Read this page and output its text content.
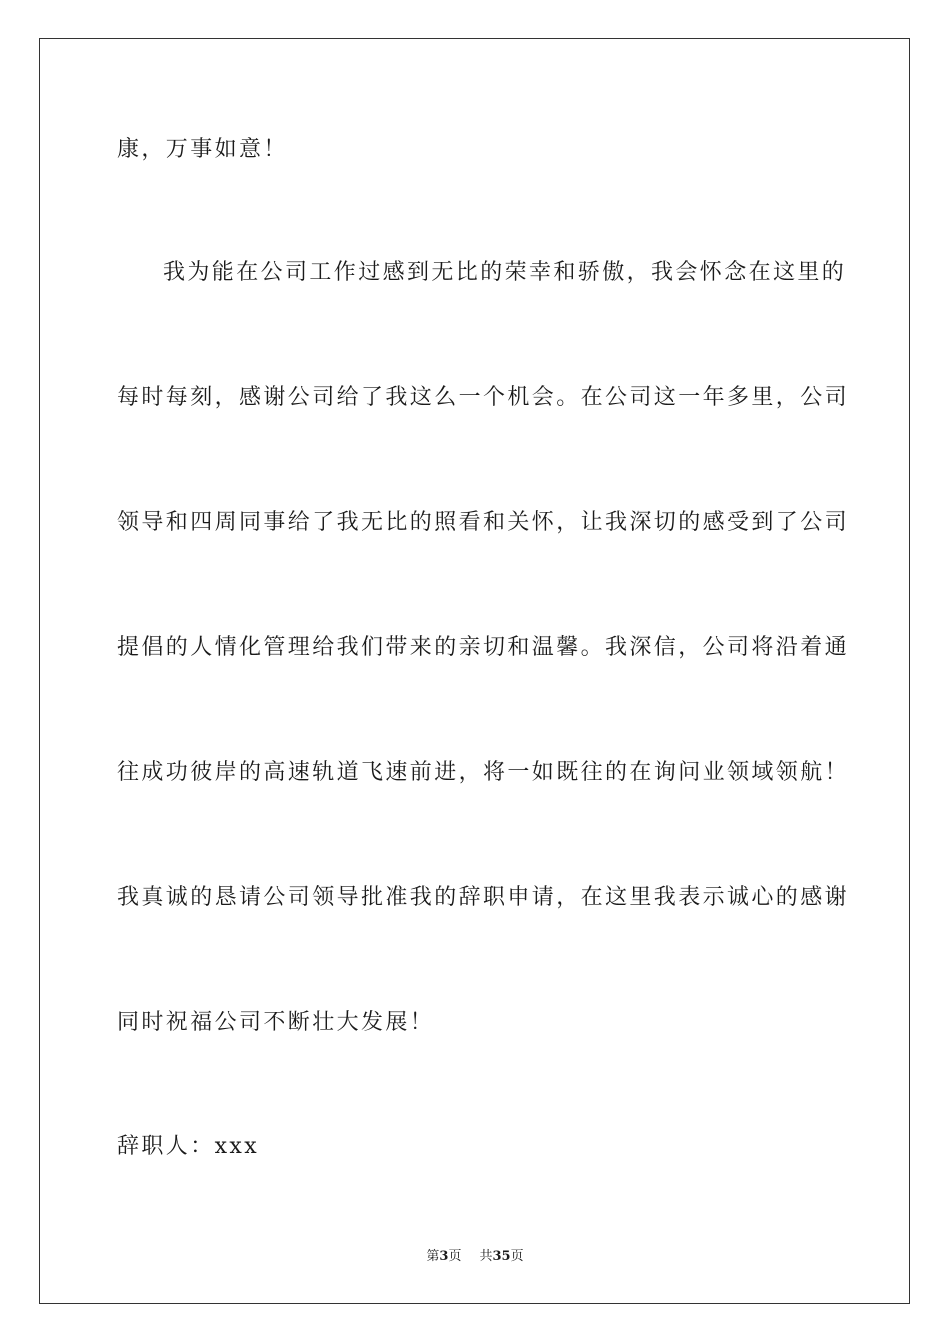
康，万事如意！
我为能在公司工作过感到无比的荣幸和骄傲，我会怀念在这里的
每时每刻，感谢公司给了我这么一个机会。在公司这一年多里，公司
领导和四周同事给了我无比的照看和关怀，让我深切的感受到了公司
提倡的人情化管理给我们带来的亲切和温馨。我深信，公司将沿着通
往成功彼岸的高速轨道飞速前进，将一如既往的在询问业领域领航！
我真诚的恳请公司领导批准我的辞职申请，在这里我表示诚心的感谢
同时祝福公司不断壮大发展！
辞职人：xxx
第3页 共35页
